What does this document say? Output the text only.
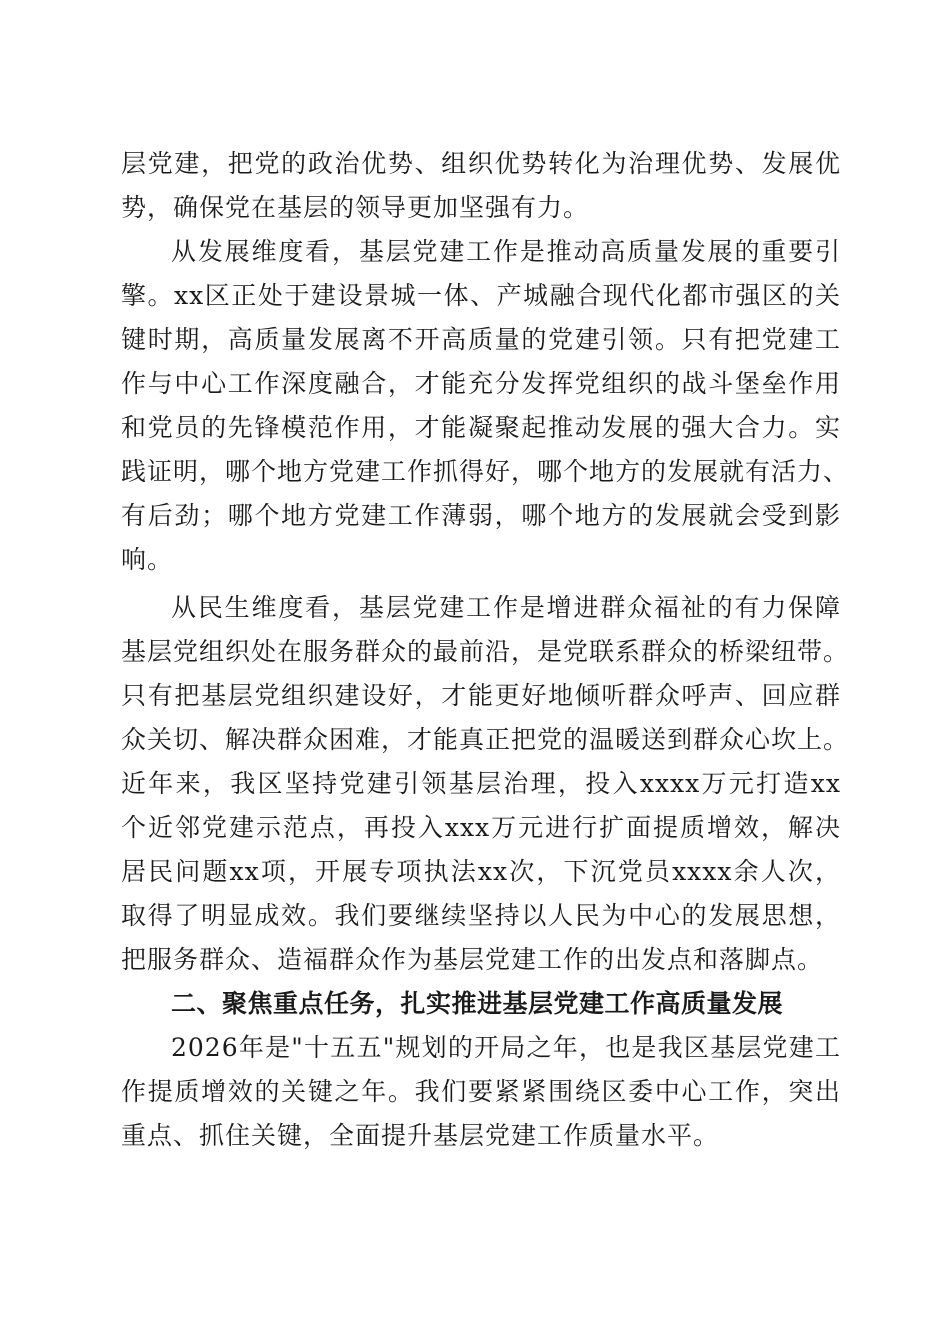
层党建，把党的政治优势、组织优势转化为治理优势、发展优
势，确保党在基层的领导更加坚强有力。
从发展维度看，基层党建工作是推动高质量发展的重要引
擎。xx区正处于建设景城一体、产城融合现代化都市强区的关
键时期，高质量发展离不开高质量的党建引领。只有把党建工
作与中心工作深度融合，才能充分发挥党组织的战斗堡垒作用
和党员的先锋模范作用，才能凝聚起推动发展的强大合力。实
践证明，哪个地方党建工作抓得好，哪个地方的发展就有活力、
有后劲；哪个地方党建工作薄弱，哪个地方的发展就会受到影
响。
从民生维度看，基层党建工作是增进群众福祉的有力保障
基层党组织处在服务群众的最前沿，是党联系群众的桥梁纽带。
只有把基层党组织建设好，才能更好地倾听群众呼声、回应群
众关切、解决群众困难，才能真正把党的温暖送到群众心坎上。
近年来，我区坚持党建引领基层治理，投入xxxx万元打造xx
个近邻党建示范点，再投入xxx万元进行扩面提质增效，解决
居民问题xx项，开展专项执法xx次，下沉党员xxxx余人次，
取得了明显成效。我们要继续坚持以人民为中心的发展思想，
把服务群众、造福群众作为基层党建工作的出发点和落脚点。
二、聚焦重点任务，扎实推进基层党建工作高质量发展
2026年是"十五五"规划的开局之年，也是我区基层党建工
作提质增效的关键之年。我们要紧紧围绕区委中心工作，突出
重点、抓住关键，全面提升基层党建工作质量水平。
